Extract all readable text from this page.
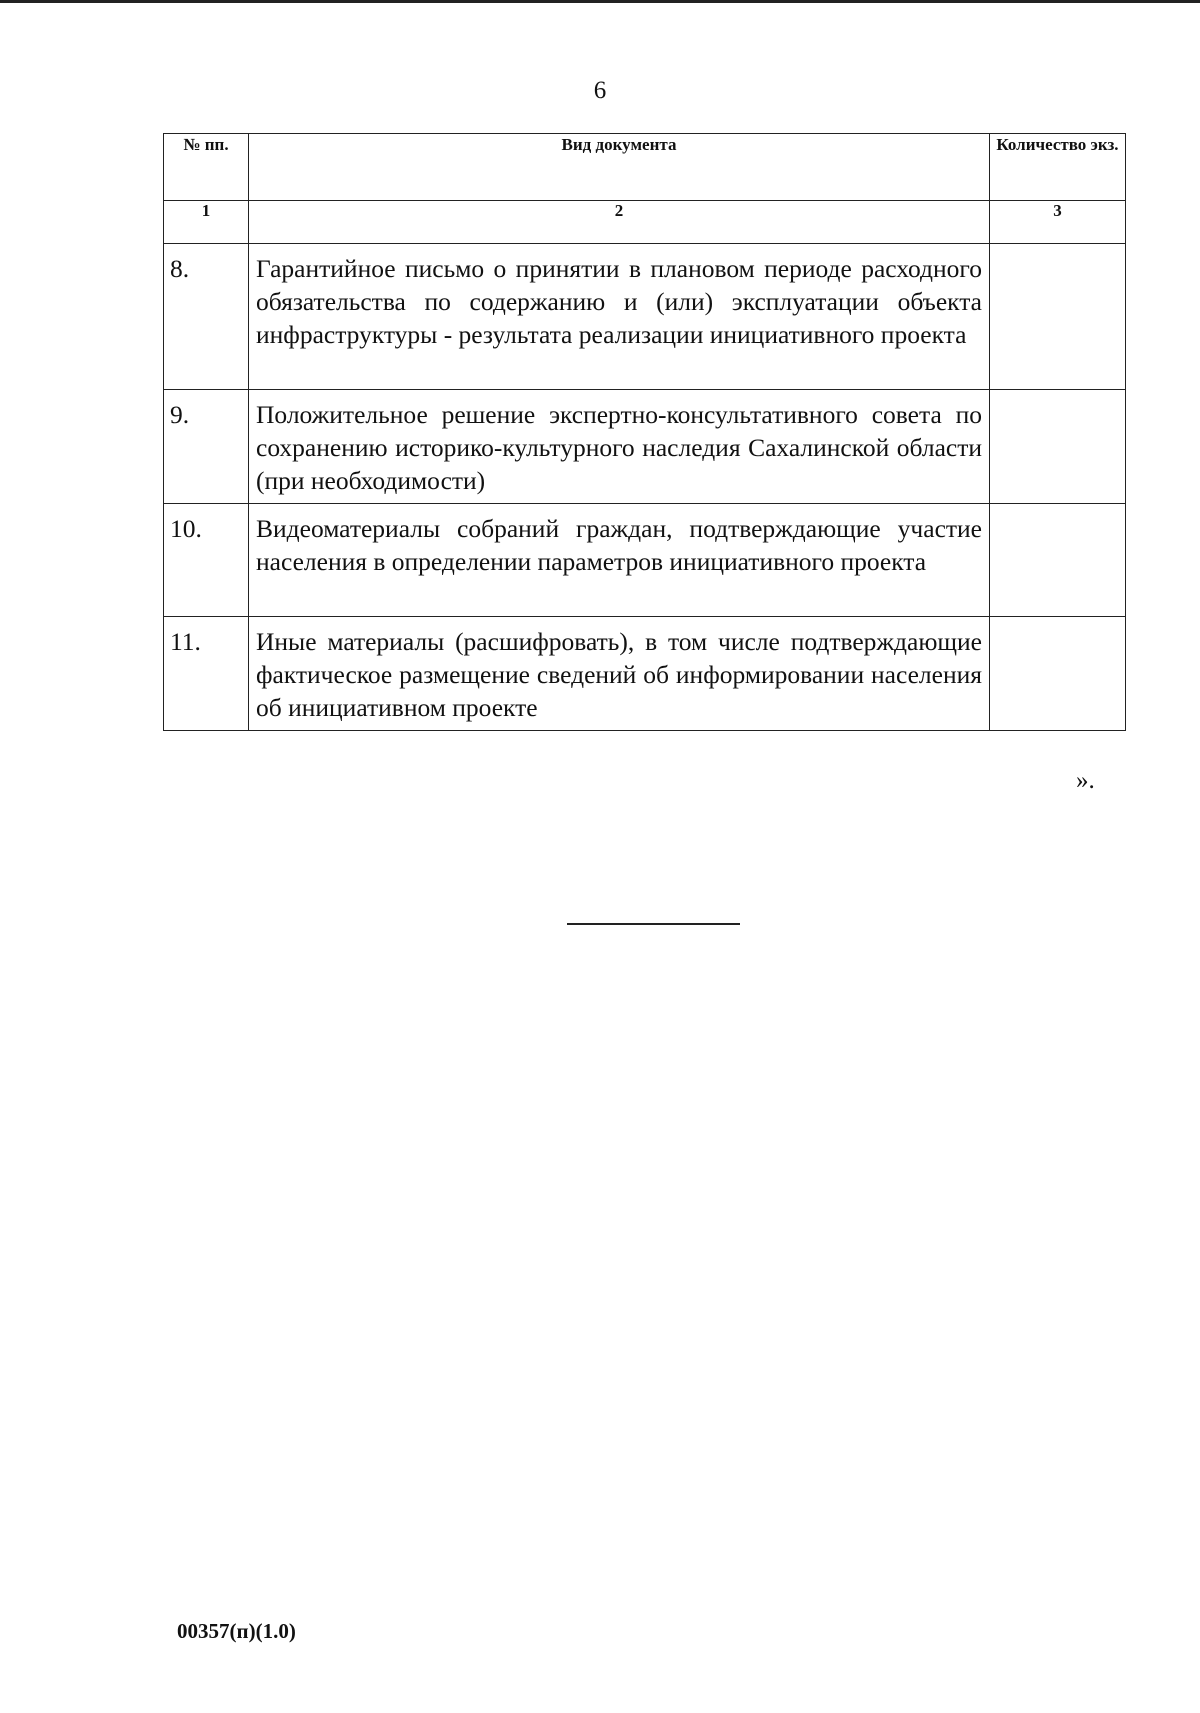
6
№ пп.	Вид документа	Количество экз.
1	2	3
8.	Гарантийное письмо о принятии в плановом периоде расходного обязательства по содержанию и (или) эксплуатации объекта инфраструктуры - результата реализации инициативного проекта	
9.	Положительное решение экспертно-консультативного совета по сохранению историко-культурного наследия Сахалинской области (при необходимости)	
10.	Видеоматериалы собраний граждан, подтверждающие участие населения в определении параметров инициативного проекта	
11.	Иные материалы (расшифровать), в том числе подтверждающие фактическое размещение сведений об информировании населения об инициативном проекте	
».
00357(п)(1.0)
